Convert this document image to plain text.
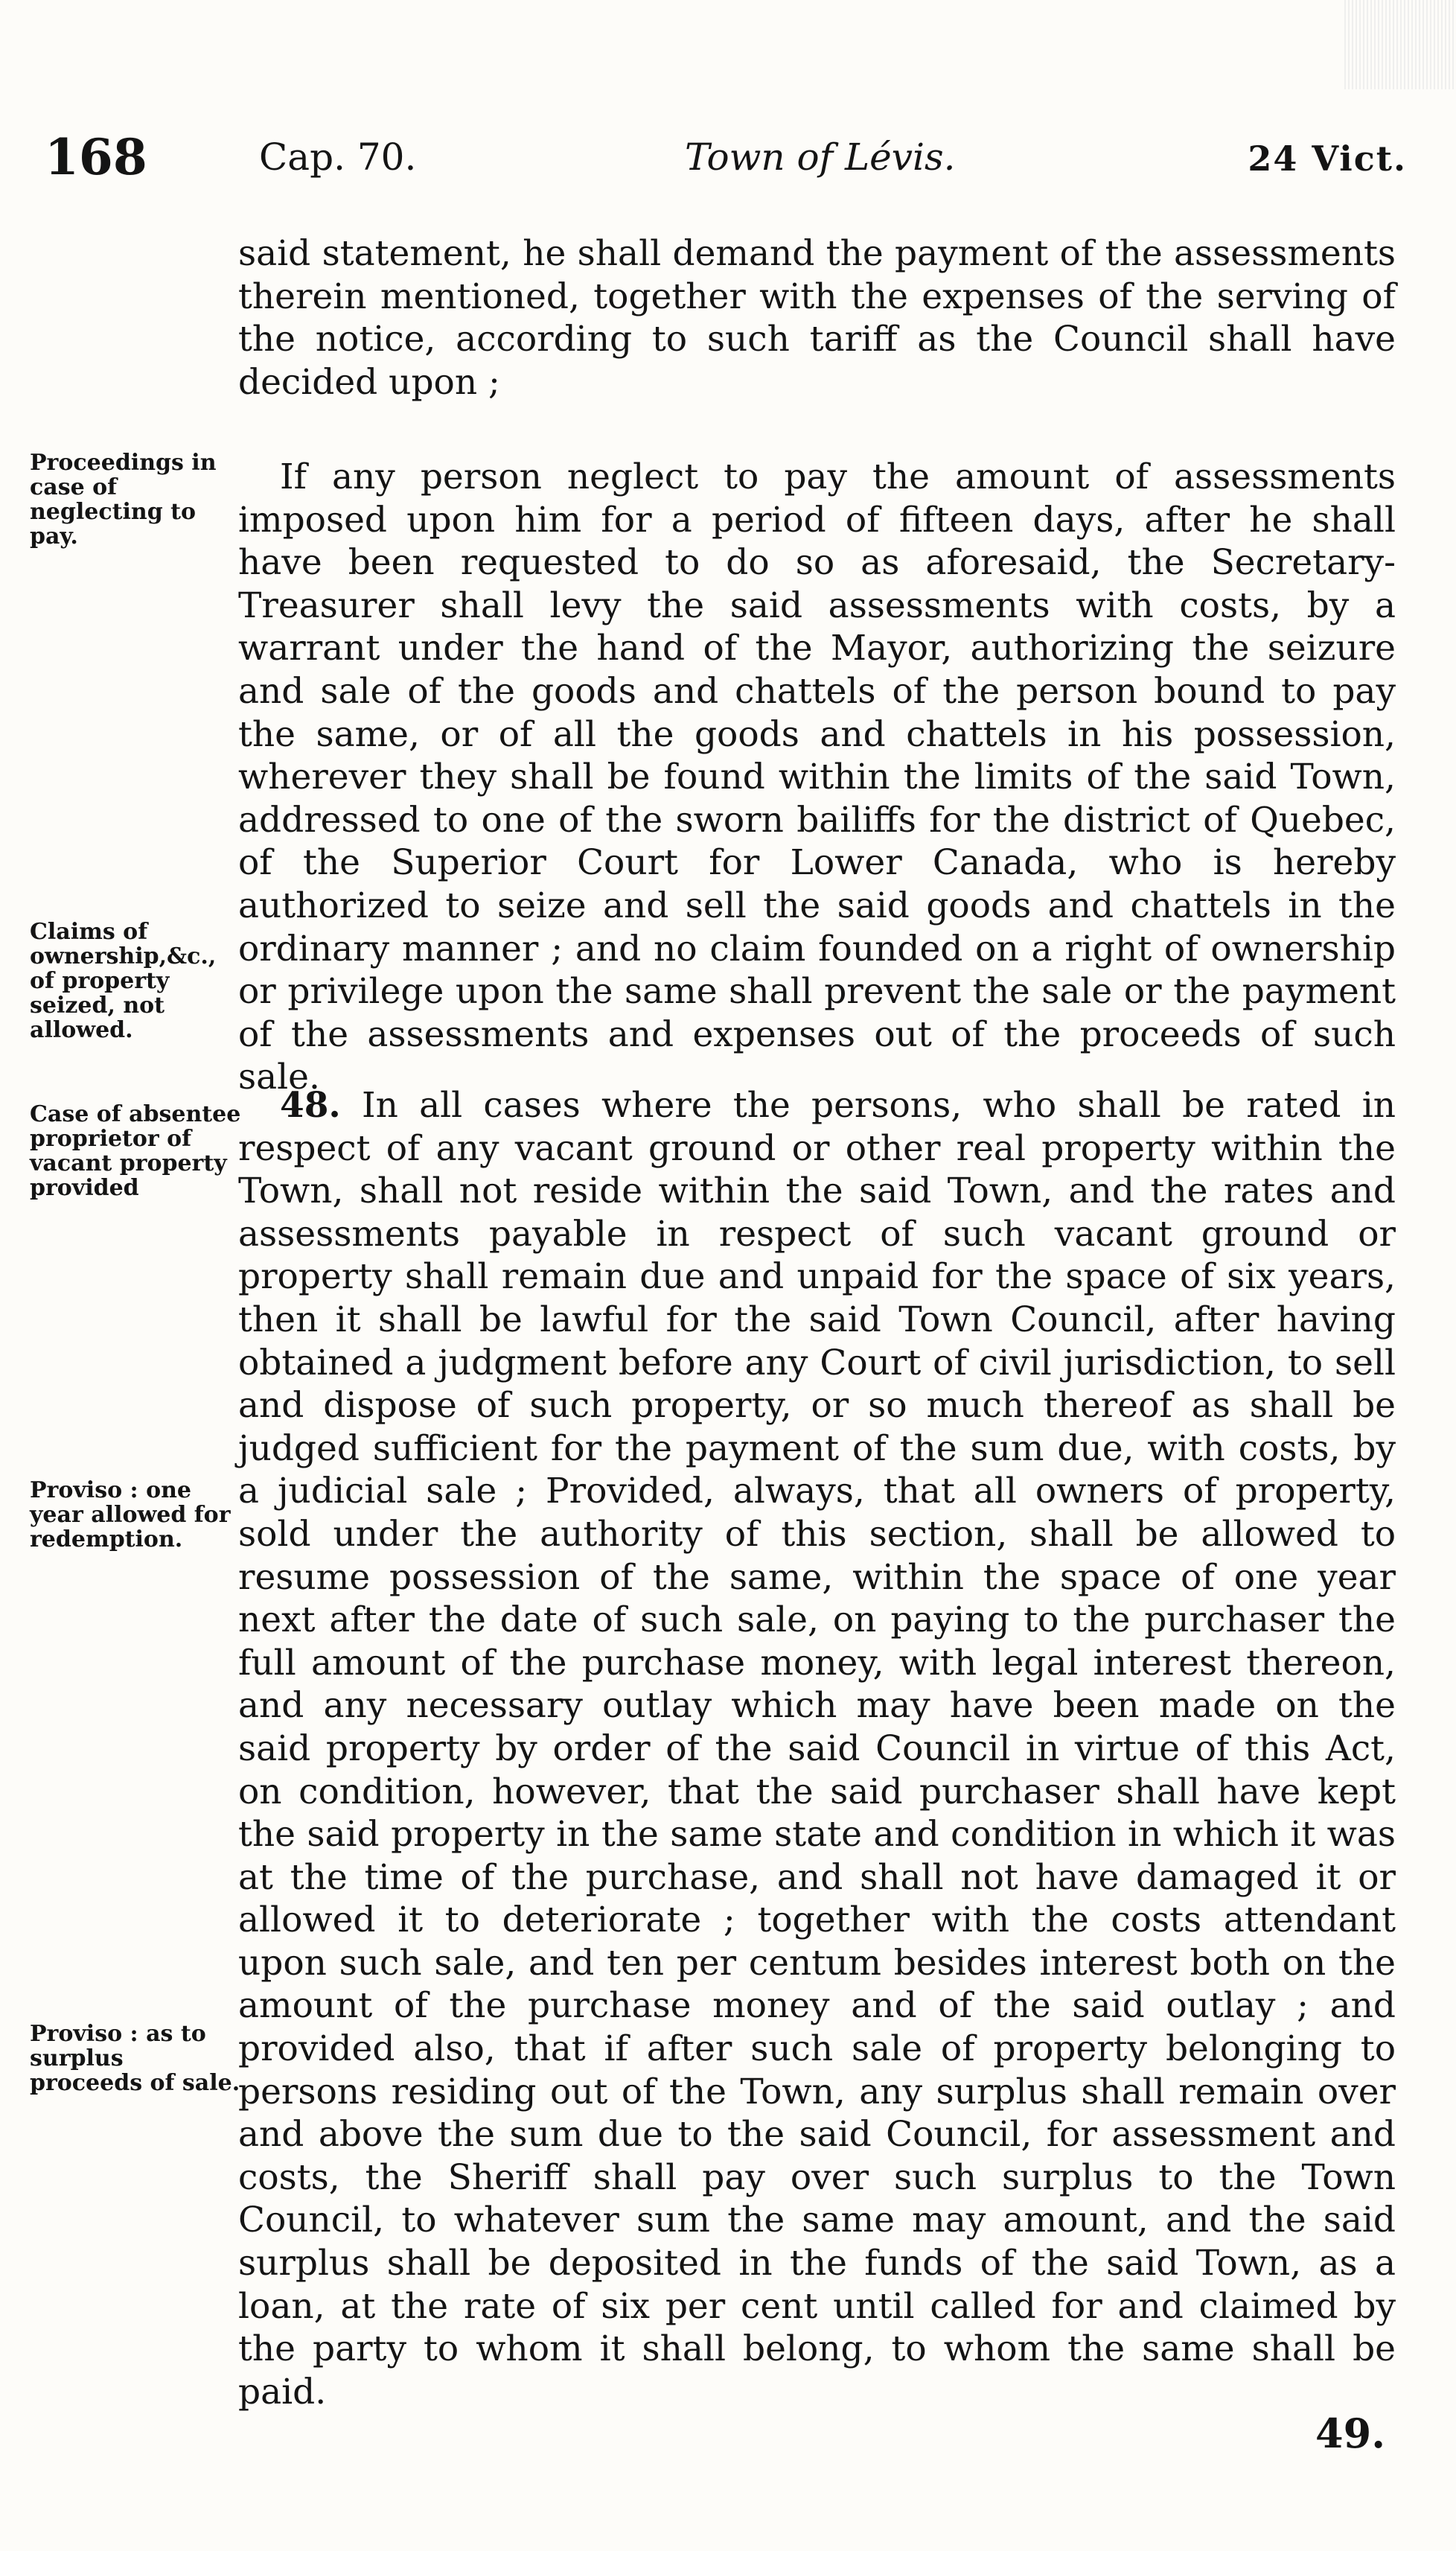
168	Cap. 70.	Town of Lévis.	24 Vict.
Proceedings in case of neglecting to pay.
Claims of ownership,&c., of property seized, not allowed.
Case of absentee proprietor of vacant property provided
Proviso : one year allowed for redemption.
Proviso : as to surplus proceeds of sale.

said statement, he shall demand the payment of the assessments therein mentioned, together with the expenses of the serving of the notice, according to such tariff as the Council shall have decided upon ;

If any person neglect to pay the amount of assessments imposed upon him for a period of fifteen days, after he shall have been requested to do so as aforesaid, the Secretary-Treasurer shall levy the said assessments with costs, by a warrant under the hand of the Mayor, authorizing the seizure and sale of the goods and chattels of the person bound to pay the same, or of all the goods and chattels in his possession, wherever they shall be found within the limits of the said Town, addressed to one of the sworn bailiffs for the district of Quebec, of the Superior Court for Lower Canada, who is hereby authorized to seize and sell the said goods and chattels in the ordinary manner ; and no claim founded on a right of ownership or privilege upon the same shall prevent the sale or the payment of the assessments and expenses out of the proceeds of such sale.

48. In all cases where the persons, who shall be rated in respect of any vacant ground or other real property within the Town, shall not reside within the said Town, and the rates and assessments payable in respect of such vacant ground or property shall remain due and unpaid for the space of six years, then it shall be lawful for the said Town Council, after having obtained a judgment before any Court of civil jurisdiction, to sell and dispose of such property, or so much thereof as shall be judged sufficient for the payment of the sum due, with costs, by a judicial sale ; Provided, always, that all owners of property, sold under the authority of this section, shall be allowed to resume possession of the same, within the space of one year next after the date of such sale, on paying to the purchaser the full amount of the purchase money, with legal interest thereon, and any necessary outlay which may have been made on the said property by order of the said Council in virtue of this Act, on condition, however, that the said purchaser shall have kept the said property in the same state and condition in which it was at the time of the purchase, and shall not have damaged it or allowed it to deteriorate ; together with the costs attendant upon such sale, and ten per centum besides interest both on the amount of the purchase money and of the said outlay ; and provided also, that if after such sale of property belonging to persons residing out of the Town, any surplus shall remain over and above the sum due to the said Council, for assessment and costs, the Sheriff shall pay over such surplus to the Town Council, to whatever sum the same may amount, and the said surplus shall be deposited in the funds of the said Town, as a loan, at the rate of six per cent until called for and claimed by the party to whom it shall belong, to whom the same shall be paid.

49.
